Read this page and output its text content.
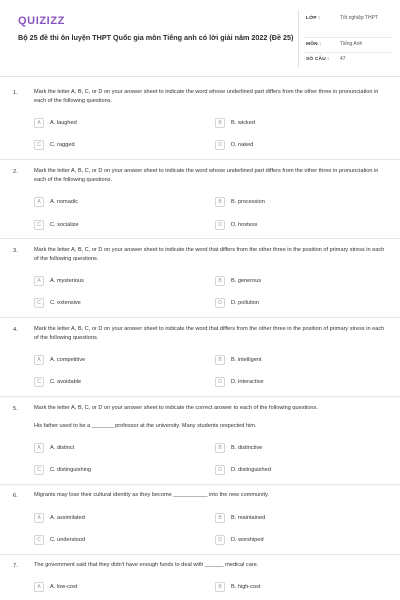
QUIZIZZ
Bộ 25 đề thi ôn luyện THPT Quốc gia môn Tiếng anh có lời giải năm 2022 (Đề 25)
LỚP :	Tốt nghiệp THPT
MÔN :	Tiếng Anh
SỐ CÂU : 47
1.	Mark the letter A, B, C, or D on your answer sheet to indicate the word whose underlined part differs from the other three in pronunciation in each of the following questions.
A	A. laughed	B	B. wicked
C	C. ragged	D	D. naked
2.	Mark the letter A, B, C, or D on your answer sheet to indicate the word whose underlined part differs from the other three in pronunciation in each of the following questions.
A	A. nomadic	B	B. procession
C	C. socialize	D	D. hostess
3.	Mark the letter A, B, C, or D on your answer sheet to indicate the word that differs from the other three in the position of primary stress in each of the following questions.
A	A. mysterious	B	B. generous
C	C. extensive	D	D. pollution
4.	Mark the letter A, B, C, or D on your answer sheet to indicate the word that differs from the other three in the position of primary stress in each of the following questions.
A	A. competitive	B	B. intelligent
C	C. avoidable	D	D. interactive
5.	Mark the letter A, B, C, or D on your answer sheet to indicate the correct answer to each of the following questions.
His father used to be a _______ professor at the university. Many students respected him.
A	A. distinct	B	B. distinctive
C	C. distinguishing	D	D. distinguished
6.	Migrants may lose their cultural identity as they become ___________ into the new community.
A	A. assimilated	B	B. maintained
C	C. understood	D	D. worshiped
7.	The government said that they didn't have enough funds to deal with ______ medical care.
A	A. low-cost	B	B. high-cost
